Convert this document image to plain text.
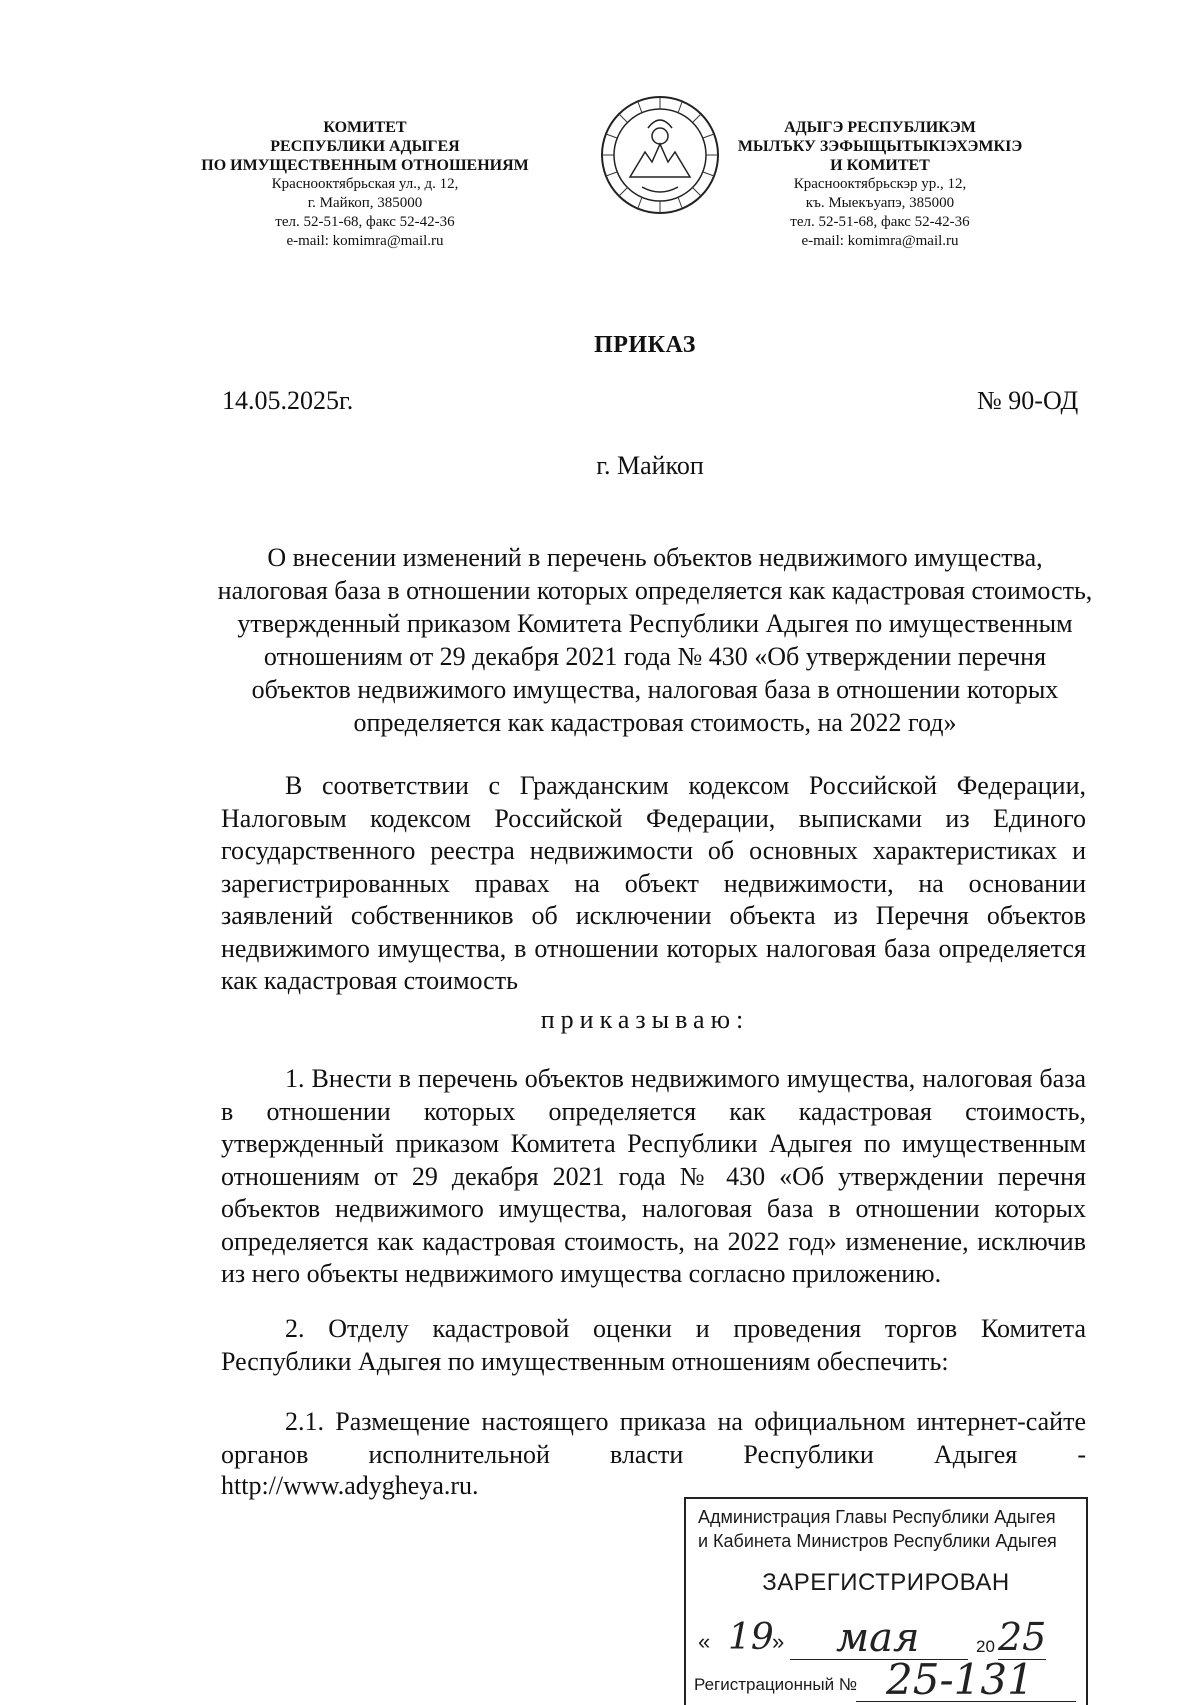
КОМИТЕТ
РЕСПУБЛИКИ АДЫГЕЯ
ПО ИМУЩЕСТВЕННЫМ ОТНОШЕНИЯМ
Краснооктябрьская ул., д. 12,
г. Майкоп, 385000
тел. 52-51-68, факс 52-42-36
e-mail: komimra@mail.ru
АДЫГЭ РЕСПУБЛИКЭМ
МЫЛЪКУ ЗЭФЫЩЫТЫКIЭХЭМКIЭ
И КОМИТЕТ
Краснооктябрьскэр ур., 12,
къ. Мыекъуапэ, 385000
тел. 52-51-68, факс 52-42-36
e-mail: komimra@mail.ru
ПРИКАЗ
14.05.2025г.	№ 90-ОД
г. Майкоп
О внесении изменений в перечень объектов недвижимого имущества, налоговая база в отношении которых определяется как кадастровая стоимость, утвержденный приказом Комитета Республики Адыгея по имущественным отношениям от 29 декабря 2021 года № 430 «Об утверждении перечня объектов недвижимого имущества, налоговая база в отношении которых определяется как кадастровая стоимость, на 2022 год»
В соответствии с Гражданским кодексом Российской Федерации, Налоговым кодексом Российской Федерации, выписками из Единого государственного реестра недвижимости об основных характеристиках и зарегистрированных правах на объект недвижимости, на основании заявлений собственников об исключении объекта из Перечня объектов недвижимого имущества, в отношении которых налоговая база определяется как кадастровая стоимость
приказываю:
1. Внести в перечень объектов недвижимого имущества, налоговая база в отношении которых определяется как кадастровая стоимость, утвержденный приказом Комитета Республики Адыгея по имущественным отношениям от 29 декабря 2021 года № 430 «Об утверждении перечня объектов недвижимого имущества, налоговая база в отношении которых определяется как кадастровая стоимость, на 2022 год» изменение, исключив из него объекты недвижимого имущества согласно приложению.
2. Отделу кадастровой оценки и проведения торгов Комитета Республики Адыгея по имущественным отношениям обеспечить:
2.1. Размещение настоящего приказа на официальном интернет-сайте органов исполнительной власти Республики Адыгея -
http://www.adygheya.ru.
Администрация Главы Республики Адыгея
и Кабинета Министров Республики Адыгея
ЗАРЕГИСТРИРОВАН
« 19
» мая	20 25
Регистрационный № 25-131
